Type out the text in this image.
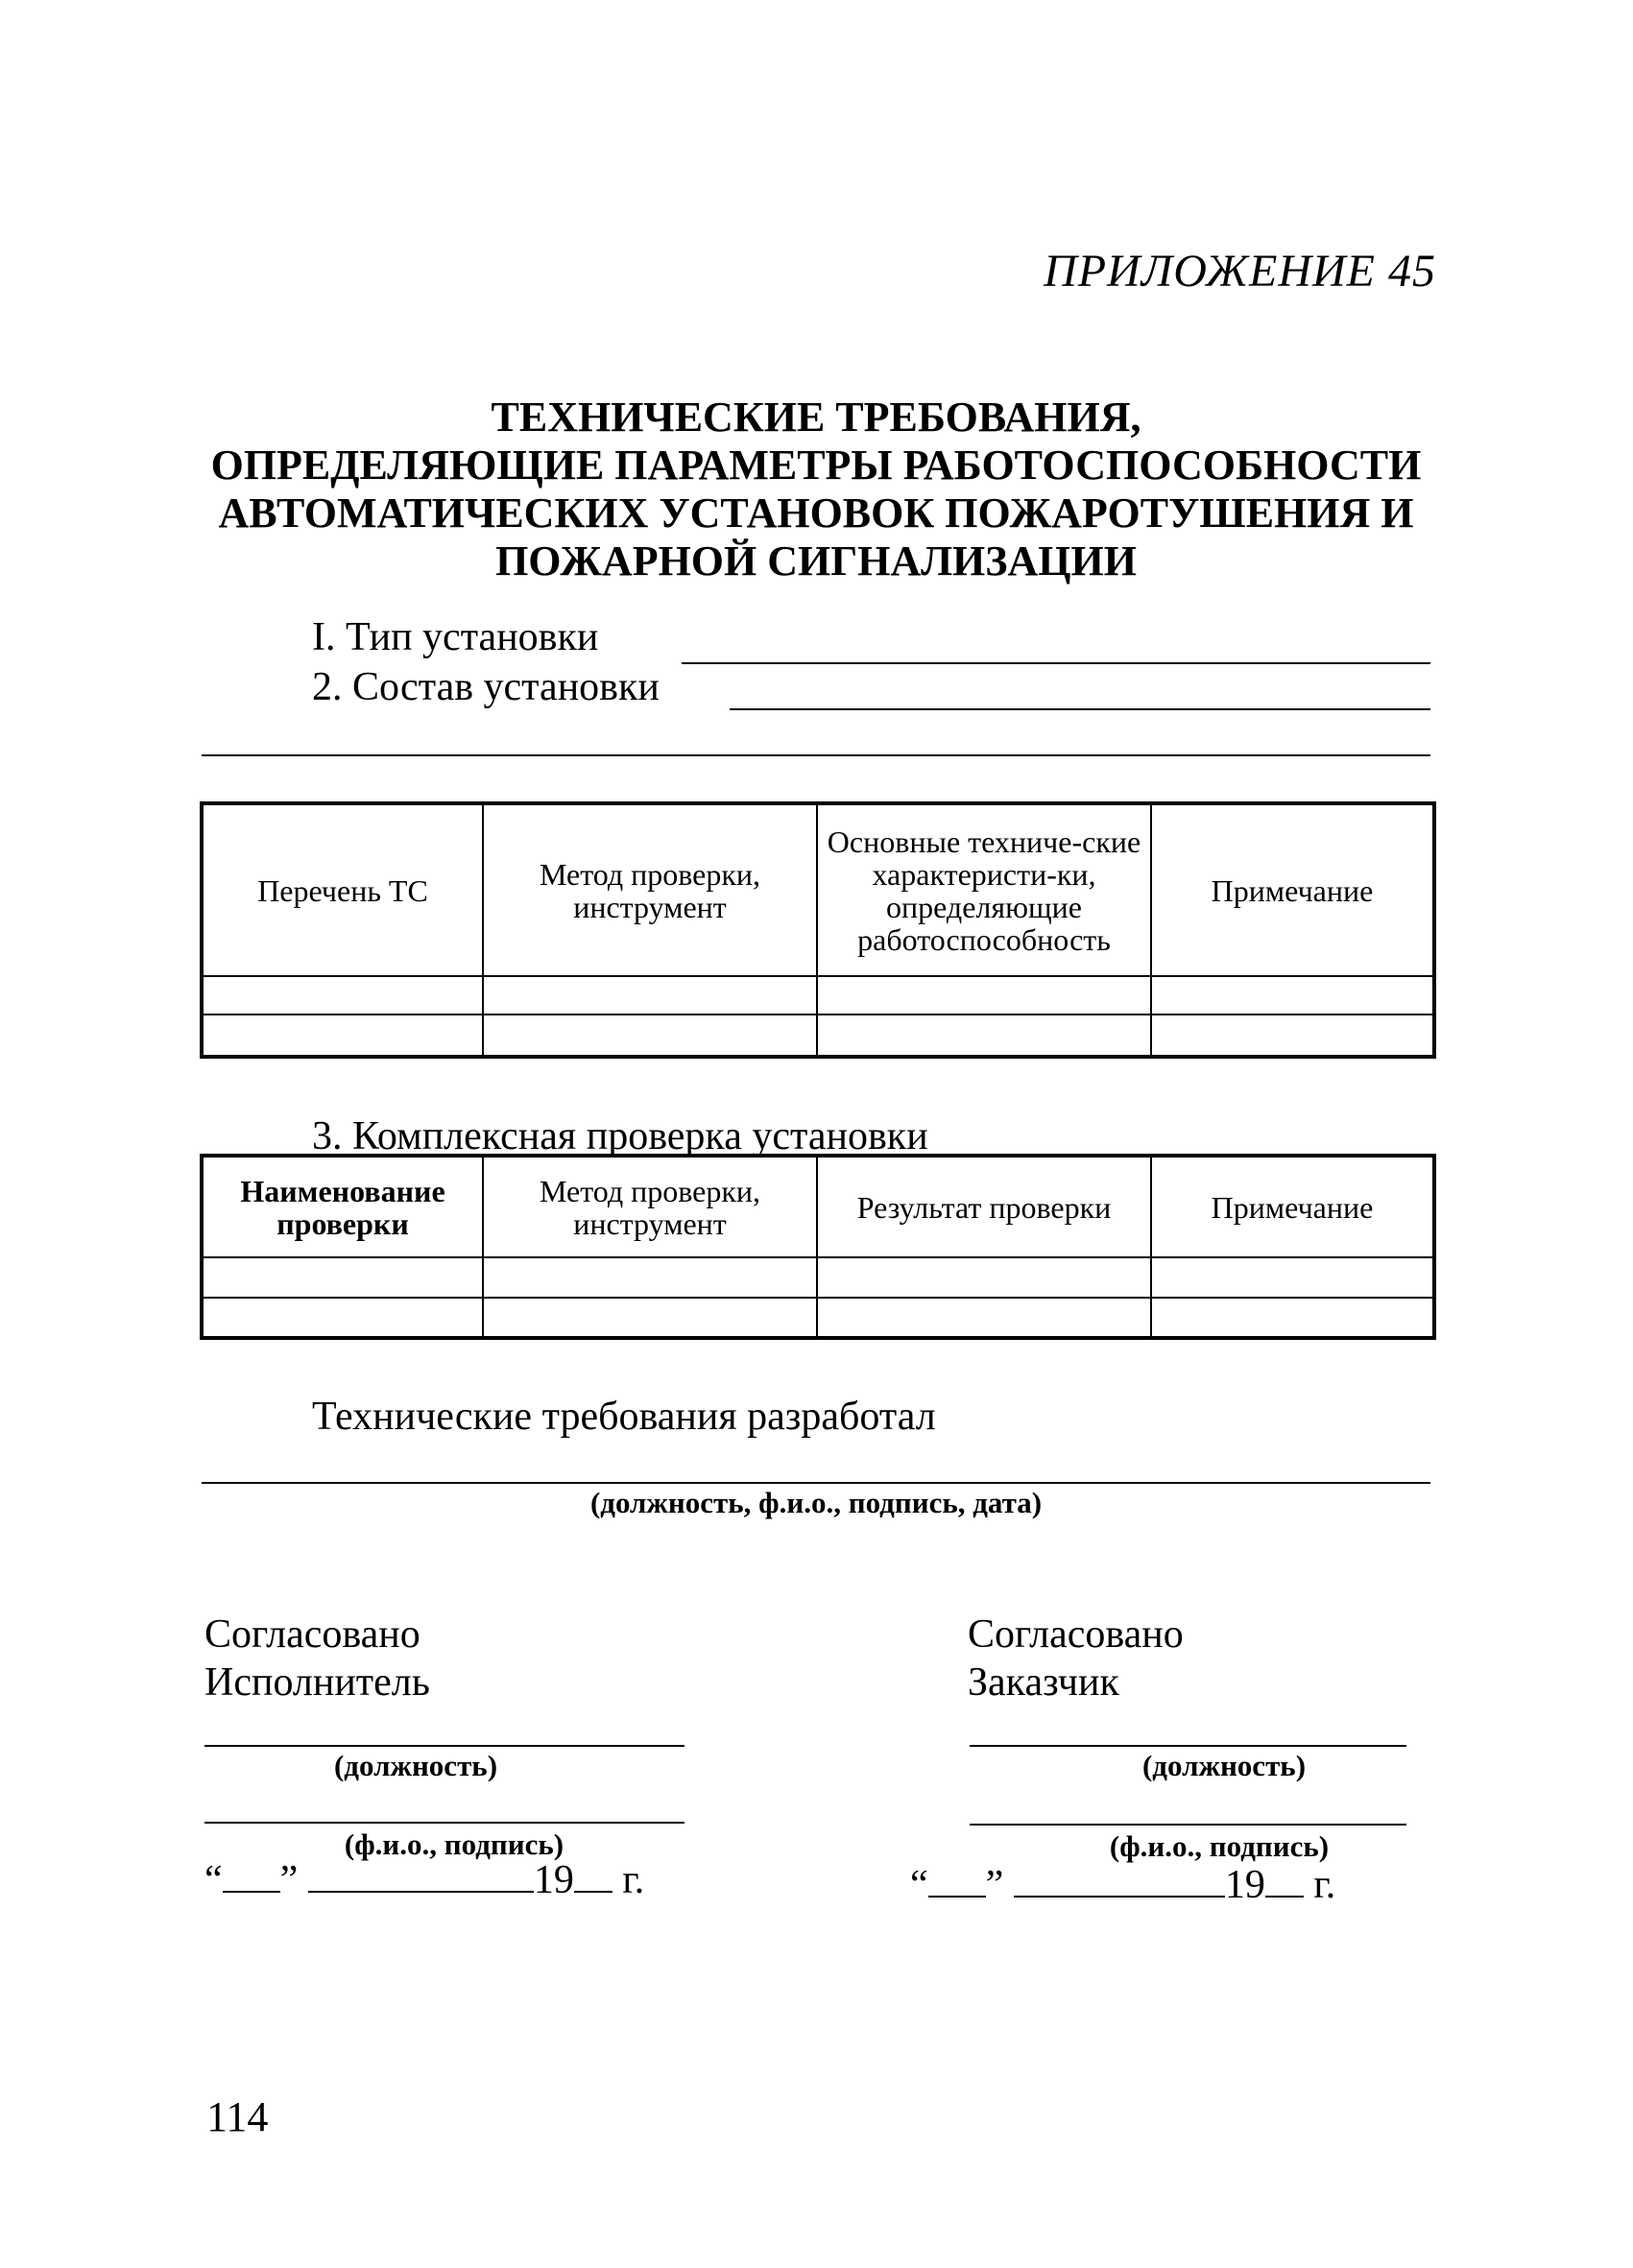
ПРИЛОЖЕНИЕ 45
ТЕХНИЧЕСКИЕ ТРЕБОВАНИЯ,
ОПРЕДЕЛЯЮЩИЕ ПАРАМЕТРЫ РАБОТОСПОСОБНОСТИ
АВТОМАТИЧЕСКИХ УСТАНОВОК ПОЖАРОТУШЕНИЯ И
ПОЖАРНОЙ СИГНАЛИЗАЦИИ
I. Тип установки
2. Состав установки
Перечень ТС	Метод проверки, инструмент	Основные техниче-ские характеристи-ки, определяющие работоспособность	Примечание

3. Комплексная проверка установки
Наименование проверки	Метод проверки, инструмент	Результат проверки	Примечание

Технические требования разработал
(должность, ф.и.о., подпись, дата)
Согласовано
Исполнитель
(должность)
(ф.и.о., подпись)
“ ”	19 г.
Согласовано
Заказчик
(должность)
(ф.и.о., подпись)
“ ”	19 г.
114
